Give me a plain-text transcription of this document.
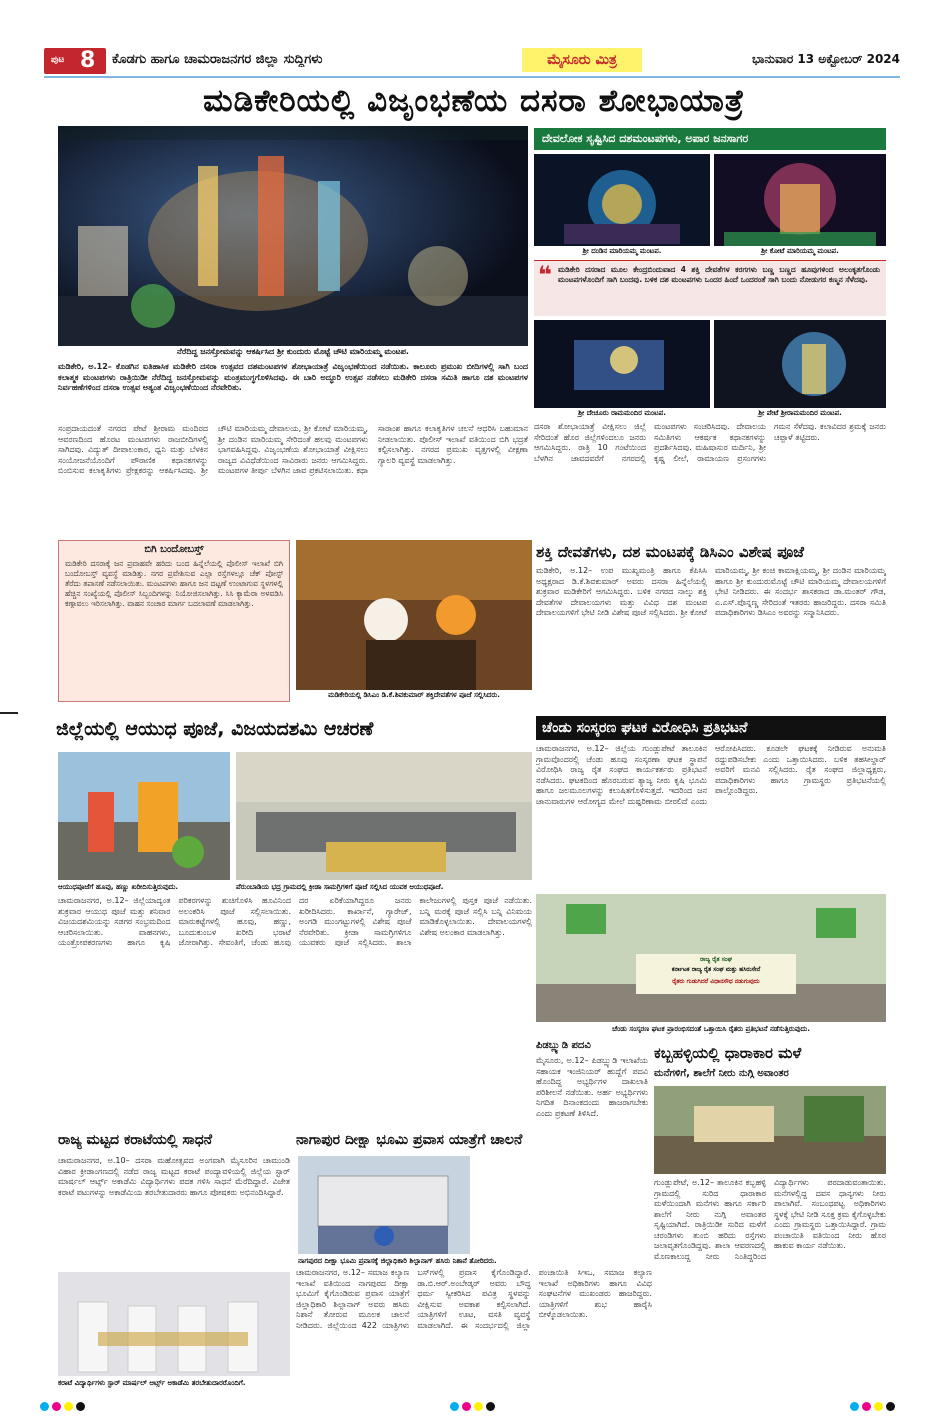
ಪುಟ 8 ಕೊಡಗು ಹಾಗೂ ಚಾಮರಾಜನಗರ ಜಿಲ್ಲಾ ಸುದ್ದಿಗಳು	ಮೈಸೂರು ಮಿತ್ರ	ಭಾನುವಾರ 13 ಅಕ್ಟೋಬರ್ 2024
ಮಡಿಕೇರಿಯಲ್ಲಿ ವಿಜೃಂಭಣೆಯ ದಸರಾ ಶೋಭಾಯಾತ್ರೆ
ನೆರೆದಿದ್ದ ಜನಸ್ತೋಮವನ್ನು ಆಕರ್ಷಿಸಿದ ಶ್ರೀ ಕುಂದುರು ಮೊಟ್ಟೆ ಚೌಟಿ ಮಾರಿಯಮ್ಮ ಮಂಟಪ.
ಮಡಿಕೇರಿ, ಅ.12– ಕೊಡಗಿನ ಐತಿಹಾಸಿಕ ಮಡಿಕೇರಿ ದಸರಾ ಉತ್ಸವದ ದಶಮಂಟಪಗಳ ಶೋಭಾಯಾತ್ರೆ ವಿಜೃಂಭಣೆಯಿಂದ ನಡೆಯಿತು. ಕಾಲೂರು ಪ್ರಮುಖ ಬೀದಿಗಳಲ್ಲಿ ಸಾಗಿ ಬಂದ ಕಲಾತ್ಮಕ ಮಂಟಪಗಳು ರಾತ್ರಿಯಿಡೀ ನೆರೆದಿದ್ದ ಜನಸ್ತೋಮವನ್ನು ಮಂತ್ರಮುಗ್ಧಗೊಳಿಸಿದವು. ಈ ಬಾರಿ ಅದ್ಧೂರಿ ಉತ್ಸವ ನಡೆಸಲು ಮಡಿಕೇರಿ ದಸರಾ ಸಮಿತಿ ಹಾಗೂ ದಶ ಮಂಟಪಗಳ ನಿರ್ವಹಣೆಗಳಿಂದ ದಸರಾ ಉತ್ಸವ ಅತ್ಯಂತ ವಿಜೃಂಭಣೆಯಿಂದ ನೆರವೇರಿತು.
ಸಂಪ್ರದಾಯದಂತೆ ನಗರದ ಪೇಟೆ ಶ್ರೀರಾಮ ಮಂದಿರದ ಆವರಣದಿಂದ ಹೊರಟ ಮಂಟಪಗಳು ರಾಜಬೀದಿಗಳಲ್ಲಿ ಸಾಗಿದವು. ವಿದ್ಯುತ್ ದೀಪಾಲಂಕಾರ, ಧ್ವನಿ ಮತ್ತು ಬೆಳಕಿನ ಸಂಯೋಜನೆಯೊಂದಿಗೆ ಪೌರಾಣಿಕ ಕಥಾನಕಗಳನ್ನು ಬಿಂಬಿಸುವ ಕಲಾಕೃತಿಗಳು ಪ್ರೇಕ್ಷಕರನ್ನು ಆಕರ್ಷಿಸಿದವು. ಶ್ರೀ ಚೌಟಿ ಮಾರಿಯಮ್ಮ ದೇವಾಲಯ, ಶ್ರೀ ಕೋಟೆ ಮಾರಿಯಮ್ಮ, ಶ್ರೀ ದಂಡಿನ ಮಾರಿಯಮ್ಮ ಸೇರಿದಂತೆ ಹಲವು ಮಂಟಪಗಳು ಭಾಗವಹಿಸಿದ್ದವು. ವಿಜೃಂಭಣೆಯ ಶೋಭಾಯಾತ್ರೆ ವೀಕ್ಷಿಸಲು ರಾಜ್ಯದ ವಿವಿಧೆಡೆಯಿಂದ ಸಾವಿರಾರು ಜನರು ಆಗಮಿಸಿದ್ದರು. ಮಂಟಪಗಳ ತೀರ್ಪು ಬೆಳಗಿನ ಜಾವ ಪ್ರಕಟಿಸಲಾಯಿತು. ಕಥಾ ಸಾರಾಂಶ ಹಾಗೂ ಕಲಾಕೃತಿಗಳ ಚಲನೆ ಆಧರಿಸಿ ಬಹುಮಾನ ನೀಡಲಾಯಿತು. ಪೊಲೀಸ್ ಇಲಾಖೆ ವತಿಯಿಂದ ಬಿಗಿ ಭದ್ರತೆ ಕಲ್ಪಿಸಲಾಗಿತ್ತು. ನಗರದ ಪ್ರಮುಖ ವೃತ್ತಗಳಲ್ಲಿ ವೀಕ್ಷಣಾ ಗ್ಯಾಲರಿ ವ್ಯವಸ್ಥೆ ಮಾಡಲಾಗಿತ್ತು.
ದೇವಲೋಕ ಸೃಷ್ಟಿಸಿದ ದಶಮಂಟಪಗಳು, ಅಪಾರ ಜನಸಾಗರ
ಶ್ರೀ ದಂಡಿನ ಮಾರಿಯಮ್ಮ ಮಂಟಪ.	ಶ್ರೀ ಕೋಟೆ ಮಾರಿಯಮ್ಮ ಮಂಟಪ.
❝ ಮಡಿಕೇರಿ ದಸರಾದ ಮೂಲ ಕೇಂದ್ರಬಿಂದುವಾದ 4 ಶಕ್ತಿ ದೇವತೆಗಳ ಕರಗಗಳು ಬಣ್ಣ ಬಣ್ಣದ ಹೂವುಗಳಿಂದ ಅಲಂಕೃತಗೊಂಡು ಮಂಟಪಗಳೊಂದಿಗೆ ಸಾಗಿ ಬಂದವು. ಬಳಿಕ ದಶ ಮಂಟಪಗಳು ಒಂದರ ಹಿಂದೆ ಒಂದರಂತೆ ಸಾಗಿ ಬಂದು ನೋಡುಗರ ಕಣ್ಮನ ಸೆಳೆದವು.
ಶ್ರೀ ದೇಚೂರು ರಾಮಮಂದಿರ ಮಂಟಪ.	ಶ್ರೀ ಪೇಟೆ ಶ್ರೀರಾಮಮಂದಿರ ಮಂಟಪ.
ದಸರಾ ಶೋಭಾಯಾತ್ರೆ ವೀಕ್ಷಿಸಲು ಜಿಲ್ಲೆ ಸೇರಿದಂತೆ ಹೊರ ಜಿಲ್ಲೆಗಳಿಂದಲೂ ಜನರು ಆಗಮಿಸಿದ್ದರು. ರಾತ್ರಿ 10 ಗಂಟೆಯಿಂದ ಬೆಳಗಿನ ಜಾವದವರೆಗೆ ನಗರದಲ್ಲಿ ಮಂಟಪಗಳು ಸಂಚರಿಸಿದವು. ದೇವಾಲಯ ಸಮಿತಿಗಳು ಆಕರ್ಷಕ ಕಥಾನಕಗಳನ್ನು ಪ್ರದರ್ಶಿಸಿದವು. ಮಹಿಷಾಸುರ ಮರ್ದಿನಿ, ಶ್ರೀ ಕೃಷ್ಣ ಲೀಲೆ, ರಾಮಾಯಣ ಪ್ರಸಂಗಗಳು ಗಮನ ಸೆಳೆದವು. ಕಲಾವಿದರ ಶ್ರಮಕ್ಕೆ ಜನರು ಚಪ್ಪಾಳೆ ತಟ್ಟಿದರು.
ಬಿಗಿ ಬಂದೋಬಸ್ತ್
ಮಡಿಕೇರಿ ದಸರಾಕ್ಕೆ ಜನ ಪ್ರವಾಹವೇ ಹರಿದು ಬಂದ ಹಿನ್ನೆಲೆಯಲ್ಲಿ ಪೊಲೀಸ್ ಇಲಾಖೆ ಬಿಗಿ ಬಂದೋಬಸ್ತ್ ವ್ಯವಸ್ಥೆ ಮಾಡಿತ್ತು. ನಗರ ಪ್ರವೇಶಿಸುವ ಎಲ್ಲಾ ರಸ್ತೆಗಳಲ್ಲೂ ಚೆಕ್ ಪೋಸ್ಟ್ ತೆರೆದು ತಪಾಸಣೆ ನಡೆಸಲಾಯಿತು. ಮಂಟಪಗಳು ಹಾಗೂ ಜನ ದಟ್ಟಣೆ ಉಂಟಾಗುವ ಸ್ಥಳಗಳಲ್ಲಿ ಹೆಚ್ಚಿನ ಸಂಖ್ಯೆಯಲ್ಲಿ ಪೊಲೀಸ್ ಸಿಬ್ಬಂದಿಗಳನ್ನು ನಿಯೋಜಿಸಲಾಗಿತ್ತು. ಸಿಸಿ ಕ್ಯಾಮೆರಾ ಅಳವಡಿಸಿ ಕಣ್ಗಾವಲು ಇರಿಸಲಾಗಿತ್ತು. ವಾಹನ ಸಂಚಾರ ಮಾರ್ಗ ಬದಲಾವಣೆ ಮಾಡಲಾಗಿತ್ತು.
ಮಡಿಕೇರಿಯಲ್ಲಿ ಡಿಸಿಎಂ ಡಿ.ಕೆ.ಶಿವಕುಮಾರ್ ಶಕ್ತಿದೇವತೆಗಳ ಪೂಜೆ ಸಲ್ಲಿಸಿದರು.
ಶಕ್ತಿ ದೇವತೆಗಳು, ದಶ ಮಂಟಪಕ್ಕೆ ಡಿಸಿಎಂ ವಿಶೇಷ ಪೂಜೆ
ಮಡಿಕೇರಿ, ಅ.12– ಉಪ ಮುಖ್ಯಮಂತ್ರಿ ಹಾಗೂ ಕೆಪಿಸಿಸಿ ಅಧ್ಯಕ್ಷರಾದ ಡಿ.ಕೆ.ಶಿವಕುಮಾರ್ ಅವರು ದಸರಾ ಹಿನ್ನೆಲೆಯಲ್ಲಿ ಶುಕ್ರವಾರ ಮಡಿಕೇರಿಗೆ ಆಗಮಿಸಿದ್ದರು. ಬಳಿಕ ನಗರದ ನಾಲ್ಕು ಶಕ್ತಿ ದೇವತೆಗಳ ದೇವಾಲಯಗಳು ಮತ್ತು ವಿವಿಧ ದಶ ಮಂಟಪ ದೇವಾಲಯಗಳಿಗೆ ಭೇಟಿ ನೀಡಿ ವಿಶೇಷ ಪೂಜೆ ಸಲ್ಲಿಸಿದರು. ಶ್ರೀ ಕೋಟೆ ಮಾರಿಯಮ್ಮ, ಶ್ರೀ ಕಂಚಿ ಕಾಮಾಕ್ಷಿಯಮ್ಮ, ಶ್ರೀ ದಂಡಿನ ಮಾರಿಯಮ್ಮ ಹಾಗೂ ಶ್ರೀ ಕುಂದುರುಮೊಟ್ಟೆ ಚೌಟಿ ಮಾರಿಯಮ್ಮ ದೇವಾಲಯಗಳಿಗೆ ಭೇಟಿ ನೀಡಿದರು. ಈ ಸಂದರ್ಭ ಶಾಸಕರಾದ ಡಾ.ಮಂತರ್ ಗೌಡ, ಎ.ಎಸ್.ಪೊನ್ನಣ್ಣ ಸೇರಿದಂತೆ ಇತರರು ಹಾಜರಿದ್ದರು. ದಸರಾ ಸಮಿತಿ ಪದಾಧಿಕಾರಿಗಳು ಡಿಸಿಎಂ ಅವರನ್ನು ಸನ್ಮಾನಿಸಿದರು.
ಜಿಲ್ಲೆಯಲ್ಲಿ ಆಯುಧ ಪೂಜೆ, ವಿಜಯದಶಮಿ ಆಚರಣೆ
ಆಯುಧಪೂಜೆಗೆ ಹೂವು, ಹಣ್ಣು ಖರೀದಿಸುತ್ತಿರುವುದು.	ಪೆರುಂಬಾಡಿಯ ಭದ್ರ ಗ್ರಾಮದಲ್ಲಿ ಕ್ರೀಡಾ ಸಾಮಗ್ರಿಗಳಿಗೆ ಪೂಜೆ ಸಲ್ಲಿಸಿದ ಯುವಕ ಆಯುಧಪೂಜೆ.
ಚಾಮರಾಜನಗರ, ಅ.12– ಜಿಲ್ಲೆಯಾದ್ಯಂತ ಶುಕ್ರವಾರ ಆಯುಧ ಪೂಜೆ ಮತ್ತು ಶನಿವಾರ ವಿಜಯದಶಮಿಯನ್ನು ಸಡಗರ ಸಂಭ್ರಮದಿಂದ ಆಚರಿಸಲಾಯಿತು. ವಾಹನಗಳು, ಯಂತ್ರೋಪಕರಣಗಳು ಹಾಗೂ ಕೃಷಿ ಪರಿಕರಗಳನ್ನು ಶುಚಿಗೊಳಿಸಿ ಹೂವಿನಿಂದ ಅಲಂಕರಿಸಿ ಪೂಜೆ ಸಲ್ಲಿಸಲಾಯಿತು. ಮಾರುಕಟ್ಟೆಗಳಲ್ಲಿ ಹೂವು, ಹಣ್ಣು, ಬೂದುಕುಂಬಳ ಖರೀದಿ ಭರಾಟೆ ಜೋರಾಗಿತ್ತು. ಸೇವಂತಿಗೆ, ಚೆಂಡು ಹೂವು ದರ ಏರಿಕೆಯಾಗಿದ್ದರೂ ಜನರು ಖರೀದಿಸಿದರು. ಕಾರ್ಖಾನೆ, ಗ್ಯಾರೇಜ್, ಅಂಗಡಿ ಮುಂಗಟ್ಟುಗಳಲ್ಲಿ ವಿಶೇಷ ಪೂಜೆ ನೆರವೇರಿತು. ಕ್ರೀಡಾ ಸಾಮಗ್ರಿಗಳಿಗೂ ಯುವಕರು ಪೂಜೆ ಸಲ್ಲಿಸಿದರು. ಶಾಲಾ ಕಾಲೇಜುಗಳಲ್ಲಿ ಪುಸ್ತಕ ಪೂಜೆ ನಡೆಯಿತು. ಬನ್ನಿ ಮರಕ್ಕೆ ಪೂಜೆ ಸಲ್ಲಿಸಿ ಬನ್ನಿ ವಿನಿಮಯ ಮಾಡಿಕೊಳ್ಳಲಾಯಿತು. ದೇವಾಲಯಗಳಲ್ಲಿ ವಿಶೇಷ ಅಲಂಕಾರ ಮಾಡಲಾಗಿತ್ತು.
ಚೆಂಡು ಸಂಸ್ಕರಣ ಘಟಕ ವಿರೋಧಿಸಿ ಪ್ರತಿಭಟನೆ
ಚಾಮರಾಜನಗರ, ಅ.12– ಜಿಲ್ಲೆಯ ಗುಂಡ್ಲುಪೇಟೆ ತಾಲೂಕಿನ ಗ್ರಾಮವೊಂದರಲ್ಲಿ ಚೆಂಡು ಹೂವು ಸಂಸ್ಕರಣಾ ಘಟಕ ಸ್ಥಾಪನೆ ವಿರೋಧಿಸಿ ರಾಜ್ಯ ರೈತ ಸಂಘದ ಕಾರ್ಯಕರ್ತರು ಪ್ರತಿಭಟನೆ ನಡೆಸಿದರು. ಘಟಕದಿಂದ ಹೊರಬರುವ ತ್ಯಾಜ್ಯ ನೀರು ಕೃಷಿ ಭೂಮಿ ಹಾಗೂ ಜಲಮೂಲಗಳನ್ನು ಕಲುಷಿತಗೊಳಿಸುತ್ತದೆ. ಇದರಿಂದ ಜನ ಜಾನುವಾರುಗಳ ಆರೋಗ್ಯದ ಮೇಲೆ ದುಷ್ಪರಿಣಾಮ ಬೀರಲಿದೆ ಎಂದು ಆರೋಪಿಸಿದರು. ಕೂಡಲೇ ಘಟಕಕ್ಕೆ ನೀಡಿರುವ ಅನುಮತಿ ರದ್ದುಪಡಿಸಬೇಕು ಎಂದು ಒತ್ತಾಯಿಸಿದರು. ಬಳಿಕ ತಹಸೀಲ್ದಾರ್ ಅವರಿಗೆ ಮನವಿ ಸಲ್ಲಿಸಿದರು. ರೈತ ಸಂಘದ ಜಿಲ್ಲಾಧ್ಯಕ್ಷರು, ಪದಾಧಿಕಾರಿಗಳು ಹಾಗೂ ಗ್ರಾಮಸ್ಥರು ಪ್ರತಿಭಟನೆಯಲ್ಲಿ ಪಾಲ್ಗೊಂಡಿದ್ದರು.
ರಾಜ್ಯ ರೈತ ಸಂಘ
ಕರ್ನಾಟಕ ರಾಜ್ಯ ರೈತ ಸಂಘ ಮತ್ತು ಹಸಿರುಸೇನೆ
ರೈತರು ಗುಡುಗಿದರೆ ವಿಧಾನಸೌಧ ನಡುಗುವುದು
ಚೆಂಡು ಸಂಸ್ಕರಣ ಘಟಕ ಪ್ರಾರಂಭಿಸದಂತೆ ಒತ್ತಾಯಿಸಿ ರೈತರು ಪ್ರತಿಭಟನೆ ನಡೆಸುತ್ತಿರುವುದು.
ಪಿಡಬ್ಲ್ಯುಡಿ ಪದವಿ
ಮೈಸೂರು, ಅ.12– ಪಿಡಬ್ಲ್ಯುಡಿ ಇಲಾಖೆಯ ಸಹಾಯಕ ಇಂಜಿನಿಯರ್ ಹುದ್ದೆಗೆ ಪದವಿ ಹೊಂದಿದ್ದ ಅಭ್ಯರ್ಥಿಗಳ ದಾಖಲಾತಿ ಪರಿಶೀಲನೆ ನಡೆಯಿತು. ಅರ್ಹ ಅಭ್ಯರ್ಥಿಗಳು ನಿಗದಿತ ದಿನಾಂಕದಂದು ಹಾಜರಾಗಬೇಕು ಎಂದು ಪ್ರಕಟಣೆ ತಿಳಿಸಿದೆ.
ಕಬ್ಬಹಳ್ಳಿಯಲ್ಲಿ ಧಾರಾಕಾರ ಮಳೆ
ಮನೆಗಳಿಗೆ, ಶಾಲೆಗೆ ನೀರು ನುಗ್ಗಿ ಅವಾಂತರ
ಗುಂಡ್ಲುಪೇಟೆ, ಅ.12– ತಾಲೂಕಿನ ಕಬ್ಬಹಳ್ಳಿ ಗ್ರಾಮದಲ್ಲಿ ಸುರಿದ ಧಾರಾಕಾರ ಮಳೆಯಿಂದಾಗಿ ಮನೆಗಳು ಹಾಗೂ ಸರ್ಕಾರಿ ಶಾಲೆಗೆ ನೀರು ನುಗ್ಗಿ ಅವಾಂತರ ಸೃಷ್ಟಿಯಾಗಿದೆ. ರಾತ್ರಿಯಿಡೀ ಸುರಿದ ಮಳೆಗೆ ಚರಂಡಿಗಳು ತುಂಬಿ ಹರಿದು ರಸ್ತೆಗಳು ಜಲಾವೃತಗೊಂಡಿದ್ದವು. ಶಾಲಾ ಆವರಣದಲ್ಲಿ ಮೊಣಕಾಲುದ್ದ ನೀರು ನಿಂತಿದ್ದರಿಂದ ವಿದ್ಯಾರ್ಥಿಗಳು ಪರದಾಡುವಂತಾಯಿತು. ಮನೆಗಳಲ್ಲಿದ್ದ ದವಸ ಧಾನ್ಯಗಳು ನೀರು ಪಾಲಾಗಿವೆ. ಸಂಬಂಧಪಟ್ಟ ಅಧಿಕಾರಿಗಳು ಸ್ಥಳಕ್ಕೆ ಭೇಟಿ ನೀಡಿ ಸೂಕ್ತ ಕ್ರಮ ಕೈಗೊಳ್ಳಬೇಕು ಎಂದು ಗ್ರಾಮಸ್ಥರು ಒತ್ತಾಯಿಸಿದ್ದಾರೆ. ಗ್ರಾಮ ಪಂಚಾಯಿತಿ ವತಿಯಿಂದ ನೀರು ಹೊರ ಹಾಕುವ ಕಾರ್ಯ ನಡೆಯಿತು.
ರಾಜ್ಯ ಮಟ್ಟದ ಕರಾಟೆಯಲ್ಲಿ ಸಾಧನೆ
ಚಾಮರಾಜನಗರ, ಅ.10– ದಸರಾ ಮಹೋತ್ಸವದ ಅಂಗವಾಗಿ ಮೈಸೂರಿನ ಚಾಮುಂಡಿ ವಿಹಾರ ಕ್ರೀಡಾಂಗಣದಲ್ಲಿ ನಡೆದ ರಾಜ್ಯ ಮಟ್ಟದ ಕರಾಟೆ ಪಂದ್ಯಾವಳಿಯಲ್ಲಿ ಜಿಲ್ಲೆಯ ಸ್ಟಾರ್ ಮಾರ್ಷಲ್ ಆರ್ಟ್ಸ್ ಅಕಾಡೆಮಿ ವಿದ್ಯಾರ್ಥಿಗಳು ಪದಕ ಗಳಿಸಿ ಸಾಧನೆ ಮೆರೆದಿದ್ದಾರೆ. ವಿಜೇತ ಕರಾಟೆ ಪಟುಗಳನ್ನು ಅಕಾಡೆಮಿಯ ತರಬೇತುದಾರರು ಹಾಗೂ ಪೋಷಕರು ಅಭಿನಂದಿಸಿದ್ದಾರೆ.
ಕರಾಟೆ ವಿದ್ಯಾರ್ಥಿಗಳು ಸ್ಟಾರ್ ಮಾರ್ಷಲ್ ಆರ್ಟ್ಸ್ ಅಕಾಡೆಮಿ ತರಬೇತುದಾರರೊಂದಿಗೆ.
ನಾಗಾಪುರ ದೀಕ್ಷಾ ಭೂಮಿ ಪ್ರವಾಸ ಯಾತ್ರೆಗೆ ಚಾಲನೆ
ನಾಗಪುರದ ದೀಕ್ಷಾ ಭೂಮಿ ಪ್ರವಾಸಕ್ಕೆ ಜಿಲ್ಲಾಧಿಕಾರಿ ಶಿಲ್ಪಾನಾಗ್ ಹಸಿರು ನಿಶಾನೆ ತೋರಿದರು.
ಚಾಮರಾಜನಗರ, ಅ.12– ಸಮಾಜ ಕಲ್ಯಾಣ ಇಲಾಖೆ ವತಿಯಿಂದ ನಾಗಪುರದ ದೀಕ್ಷಾ ಭೂಮಿಗೆ ಕೈಗೊಂಡಿರುವ ಪ್ರವಾಸ ಯಾತ್ರೆಗೆ ಜಿಲ್ಲಾಧಿಕಾರಿ ಶಿಲ್ಪಾನಾಗ್ ಅವರು ಹಸಿರು ನಿಶಾನೆ ತೋರುವ ಮೂಲಕ ಚಾಲನೆ ನೀಡಿದರು. ಜಿಲ್ಲೆಯಿಂದ 422 ಯಾತ್ರಿಗಳು ಬಸ್‌ಗಳಲ್ಲಿ ಪ್ರವಾಸ ಕೈಗೊಂಡಿದ್ದಾರೆ. ಡಾ.ಬಿ.ಆರ್.ಅಂಬೇಡ್ಕರ್ ಅವರು ಬೌದ್ಧ ಧರ್ಮ ಸ್ವೀಕರಿಸಿದ ಪವಿತ್ರ ಸ್ಥಳವನ್ನು ವೀಕ್ಷಿಸುವ ಅವಕಾಶ ಕಲ್ಪಿಸಲಾಗಿದೆ. ಯಾತ್ರಿಗಳಿಗೆ ಊಟ, ವಸತಿ ವ್ಯವಸ್ಥೆ ಮಾಡಲಾಗಿದೆ. ಈ ಸಂದರ್ಭದಲ್ಲಿ ಜಿಲ್ಲಾ ಪಂಚಾಯಿತಿ ಸಿಇಒ, ಸಮಾಜ ಕಲ್ಯಾಣ ಇಲಾಖೆ ಅಧಿಕಾರಿಗಳು ಹಾಗೂ ವಿವಿಧ ಸಂಘಟನೆಗಳ ಮುಖಂಡರು ಹಾಜರಿದ್ದರು. ಯಾತ್ರಿಗಳಿಗೆ ಶುಭ ಹಾರೈಸಿ ಬೀಳ್ಕೊಡಲಾಯಿತು.
